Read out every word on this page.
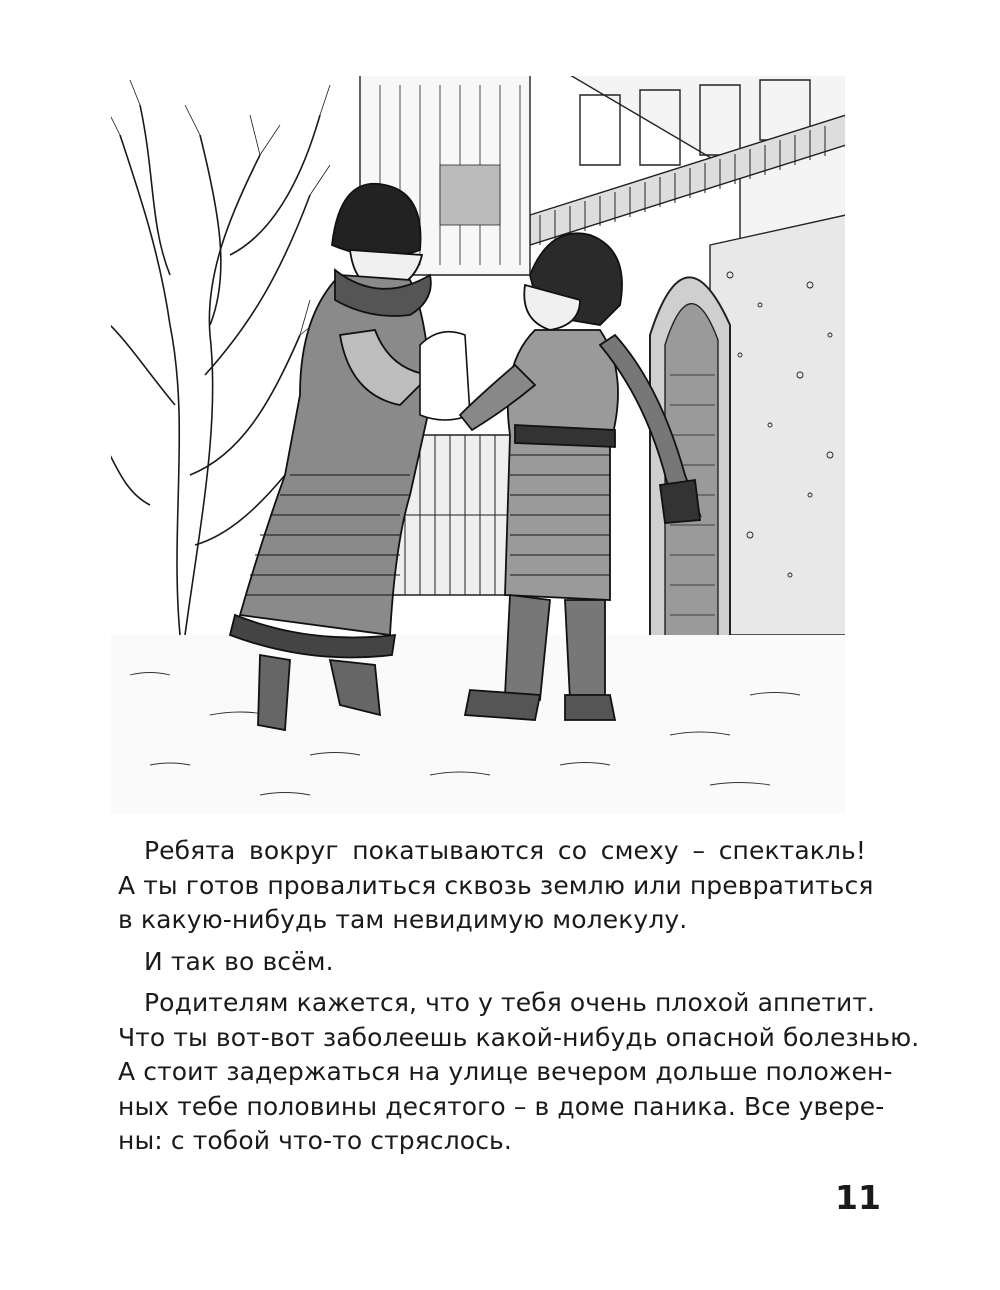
Ребята вокруг покатываются со смеху – спектакль!
А ты готов провалиться сквозь землю или превратиться
в какую-нибудь там невидимую молекулу.

И так во всём.

Родителям кажется, что у тебя очень плохой аппетит.
Что ты вот-вот заболеешь какой-нибудь опасной болезнью.
А стоит задержаться на улице вечером дольше положен-
ных тебе половины десятого – в доме паника. Все увере-
ны: с тобой что-то стряслось.

11
